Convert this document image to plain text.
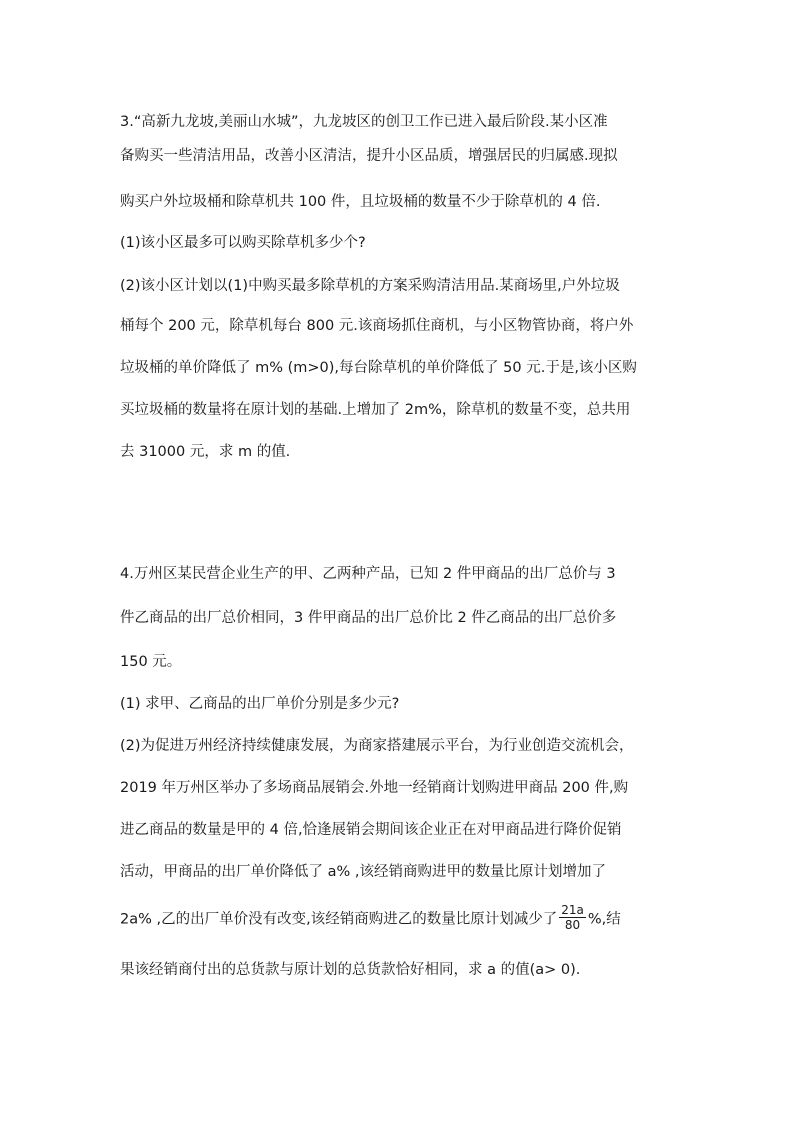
3.“高新九龙坡,美丽山水城”，九龙坡区的创卫工作已进入最后阶段.某小区准
备购买一些清洁用品，改善小区清洁，提升小区品质，增强居民的归属感.现拟
购买户外垃圾桶和除草机共 100 件，且垃圾桶的数量不少于除草机的 4 倍.
(1)该小区最多可以购买除草机多少个?
(2)该小区计划以(1)中购买最多除草机的方案采购清洁用品.某商场里,户外垃圾
桶每个 200 元，除草机每台 800 元.该商场抓住商机，与小区物管协商，将户外
垃圾桶的单价降低了 m% (m>0),每台除草机的单价降低了 50 元.于是,该小区购
买垃圾桶的数量将在原计划的基础.上增加了 2m%，除草机的数量不变，总共用
去 31000 元，求 m 的值.
4.万州区某民营企业生产的甲、乙两种产品，已知 2 件甲商品的出厂总价与 3
件乙商品的出厂总价相同，3 件甲商品的出厂总价比 2 件乙商品的出厂总价多
150 元。
(1) 求甲、乙商品的出厂单价分别是多少元?
(2)为促进万州经济持续健康发展，为商家搭建展示平台，为行业创造交流机会，
2019 年万州区举办了多场商品展销会.外地一经销商计划购进甲商品 200 件,购
进乙商品的数量是甲的 4 倍,恰逢展销会期间该企业正在对甲商品进行降价促销
活动，甲商品的出厂单价降低了 a% ,该经销商购进甲的数量比原计划增加了
2a% ,乙的出厂单价没有改变,该经销商购进乙的数量比原计划减少了 $\frac{21a}{80}$ %,结
果该经销商付出的总货款与原计划的总货款恰好相同，求 a 的值(a> 0).
